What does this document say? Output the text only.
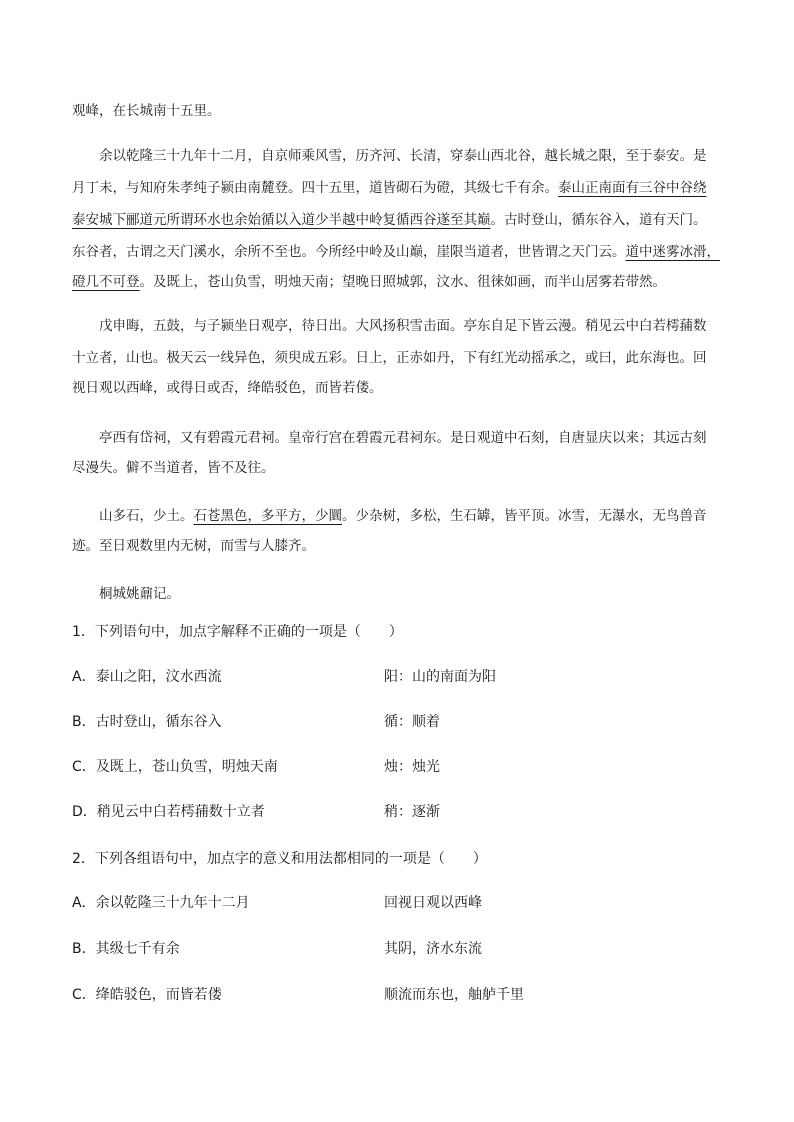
观峰，在长城南十五里。
余以乾隆三十九年十二月，自京师乘风雪，历齐河、长清，穿泰山西北谷，越长城之限，至于泰安。是
月丁未，与知府朱孝纯子颍由南麓登。四十五里，道皆砌石为磴，其级七千有余。泰山正南面有三谷中谷绕
泰安城下郦道元所谓环水也余始循以入道少半越中岭复循西谷遂至其巅。古时登山，循东谷入，道有天门。
东谷者，古谓之天门溪水，余所不至也。今所经中岭及山巅，崖限当道者，世皆谓之天门云。道中迷雾冰滑，
磴几不可登。及既上，苍山负雪，明烛天南；望晚日照城郭，汶水、徂徕如画，而半山居雾若带然。
戊申晦，五鼓，与子颍坐日观亭，待日出。大风扬积雪击面。亭东自足下皆云漫。稍见云中白若樗蒱数
十立者，山也。极天云一线异色，须臾成五彩。日上，正赤如丹，下有红光动摇承之，或曰，此东海也。回
视日观以西峰，或得日或否，绛皓驳色，而皆若偻。
亭西有岱祠，又有碧霞元君祠。皇帝行宫在碧霞元君祠东。是日观道中石刻，自唐显庆以来；其远古刻
尽漫失。僻不当道者，皆不及往。
山多石，少土。石苍黑色，多平方，少圜。少杂树，多松，生石罅，皆平顶。冰雪，无瀑水，无鸟兽音
迹。至日观数里内无树，而雪与人膝齐。
桐城姚鼐记。
1．下列语句中，加点字解释不正确的一项是（　　）
A．泰山之阳，汶水西流	阳：山的南面为阳
B．古时登山，循东谷入	循：顺着
C．及既上，苍山负雪，明烛天南	烛：烛光
D．稍见云中白若樗蒱数十立者	稍：逐渐
2．下列各组语句中，加点字的意义和用法都相同的一项是（　　）
A．余以乾隆三十九年十二月	回视日观以西峰
B．其级七千有余	其阴，济水东流
C．绛皓驳色，而皆若偻	顺流而东也，舳舻千里
